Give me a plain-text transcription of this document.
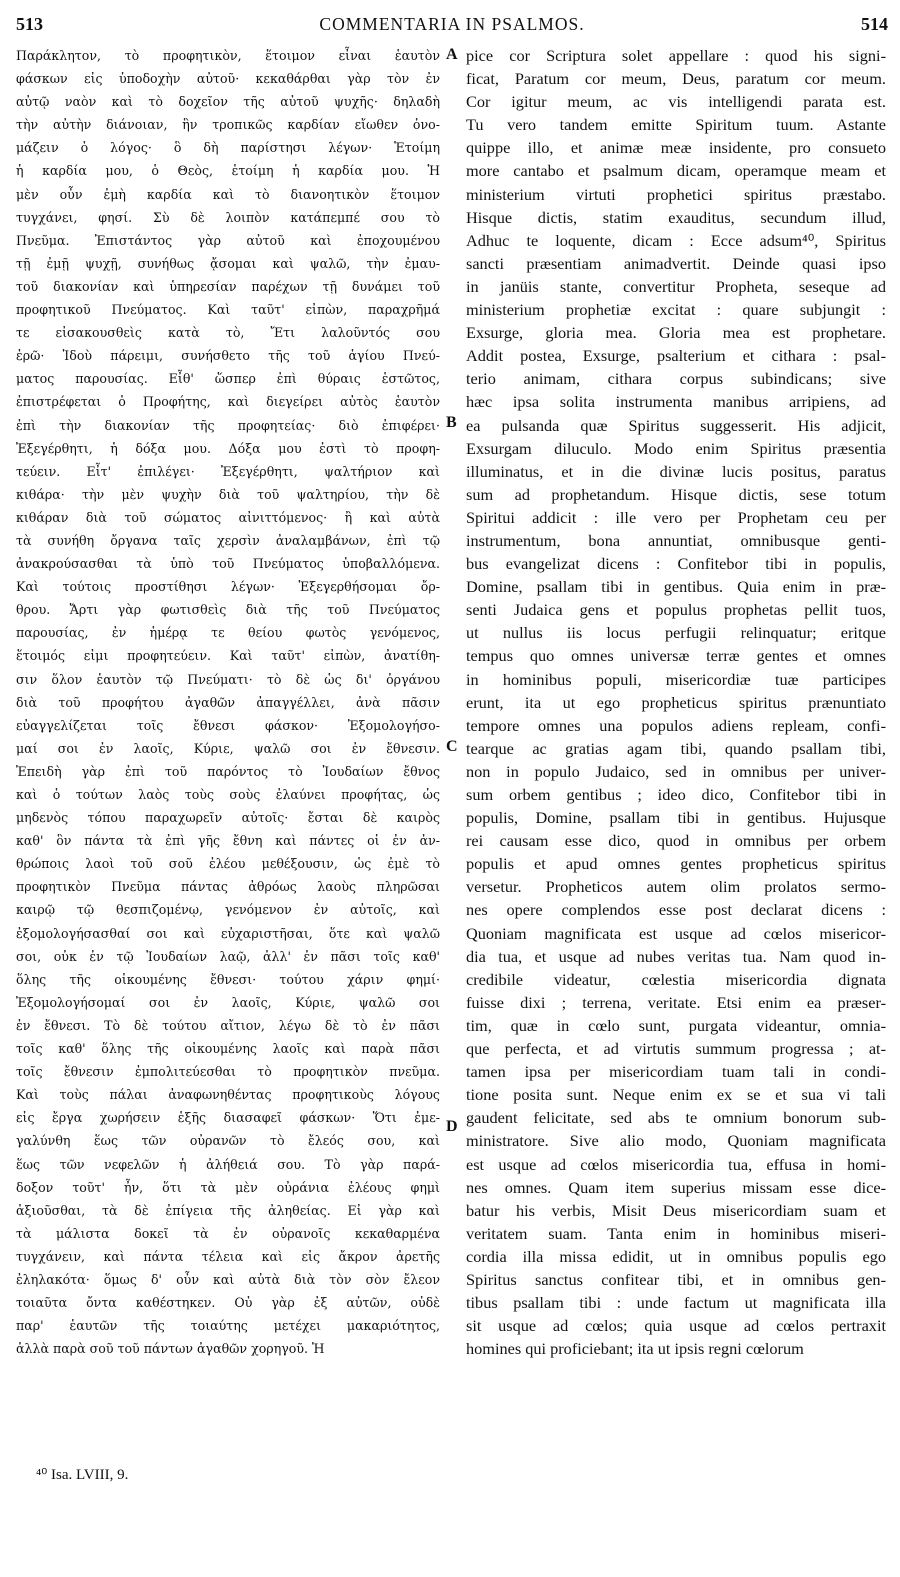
513	COMMENTARIA IN PSALMOS.	514
Παράκλητον, τὸ προφητικὸν, ἕτοιμον εἶναι ἑαυτὸν
φάσκων εἰς ὑποδοχὴν αὐτοῦ· κεκαθάρθαι γὰρ τὸν ἐν
αὐτῷ ναὸν καὶ τὸ δοχεῖον τῆς αὐτοῦ ψυχῆς· δηλαδὴ
τὴν αὐτὴν διάνοιαν, ἣν τροπικῶς καρδίαν εἴωθεν ὀνο-
μάζειν ὁ λόγος· ὃ δὴ παρίστησι λέγων· Ἑτοίμη
ἡ καρδία μου, ὁ Θεὸς, ἑτοίμη ἡ καρδία μου. Ἡ
μὲν οὖν ἐμὴ καρδία καὶ τὸ διανοητικὸν ἕτοιμον
τυγχάνει, φησί. Σὺ δὲ λοιπὸν κατάπεμπέ σου τὸ
Πνεῦμα. Ἐπιστάντος γὰρ αὐτοῦ καὶ ἐποχουμένου
τῇ ἐμῇ ψυχῇ, συνήθως ᾄσομαι καὶ ψαλῶ, τὴν ἐμαυ-
τοῦ διακονίαν καὶ ὑπηρεσίαν παρέχων τῇ δυνάμει τοῦ
προφητικοῦ Πνεύματος. Καὶ ταῦτ' εἰπὼν, παραχρῆμά
τε εἰσακουσθεὶς κατὰ τὸ, Ἔτι λαλοῦντός σου
ἐρῶ· Ἰδοὺ πάρειμι, συνήσθετο τῆς τοῦ ἁγίου Πνεύ-
ματος παρουσίας. Εἶθ' ὥσπερ ἐπὶ θύραις ἑστῶτος,
ἐπιστρέφεται ὁ Προφήτης, καὶ διεγείρει αὐτὸς ἑαυτὸν
ἐπὶ τὴν διακονίαν τῆς προφητείας· διὸ ἐπιφέρει·
Ἐξεγέρθητι, ἡ δόξα μου. Δόξα μου ἐστὶ τὸ προφη-
τεύειν. Εἶτ' ἐπιλέγει· Ἐξεγέρθητι, ψαλτήριον καὶ
κιθάρα· τὴν μὲν ψυχὴν διὰ τοῦ ψαλτηρίου, τὴν δὲ
κιθάραν διὰ τοῦ σώματος αἰνιττόμενος· ἢ καὶ αὐτὰ
τὰ συνήθη ὄργανα ταῖς χερσὶν ἀναλαμβάνων, ἐπὶ τῷ
ἀνακρούσασθαι τὰ ὑπὸ τοῦ Πνεύματος ὑποβαλλόμενα.
Καὶ τούτοις προστίθησι λέγων· Ἐξεγερθήσομαι ὄρ-
θρου. Ἄρτι γὰρ φωτισθεὶς διὰ τῆς τοῦ Πνεύματος
παρουσίας, ἐν ἡμέρᾳ τε θείου φωτὸς γενόμενος,
ἕτοιμός εἰμι προφητεύειν. Καὶ ταῦτ' εἰπὼν, ἀνατίθη-
σιν ὅλον ἑαυτὸν τῷ Πνεύματι· τὸ δὲ ὡς δι' ὀργάνου
διὰ τοῦ προφήτου ἀγαθῶν ἀπαγγέλλει, ἀνὰ πᾶσιν
εὐαγγελίζεται τοῖς ἔθνεσι φάσκον· Ἐξομολογήσο-
μαί σοι ἐν λαοῖς, Κύριε, ψαλῶ σοι ἐν ἔθνεσιν.
Ἐπειδὴ γὰρ ἐπὶ τοῦ παρόντος τὸ Ἰουδαίων ἔθνος
καὶ ὁ τούτων λαὸς τοὺς σοὺς ἐλαύνει προφήτας, ὡς
μηδενὸς τόπου παραχωρεῖν αὐτοῖς· ἔσται δὲ καιρὸς
καθ' ὃν πάντα τὰ ἐπὶ γῆς ἔθνη καὶ πάντες οἱ ἐν ἀν-
θρώποις λαοὶ τοῦ σοῦ ἐλέου μεθέξουσιν, ὡς ἐμὲ τὸ
προφητικὸν Πνεῦμα πάντας ἀθρόως λαοὺς πληρῶσαι
καιρῷ τῷ θεσπιζομένῳ, γενόμενον ἐν αὐτοῖς, καὶ
ἐξομολογήσασθαί σοι καὶ εὐχαριστῆσαι, ὅτε καὶ ψαλῶ
σοι, οὐκ ἐν τῷ Ἰουδαίων λαῷ, ἀλλ' ἐν πᾶσι τοῖς καθ'
ὅλης τῆς οἰκουμένης ἔθνεσι· τούτου χάριν φημί·
Ἐξομολογήσομαί σοι ἐν λαοῖς, Κύριε, ψαλῶ σοι
ἐν ἔθνεσι. Τὸ δὲ τούτου αἴτιον, λέγω δὲ τὸ ἐν πᾶσι
τοῖς καθ' ὅλης τῆς οἰκουμένης λαοῖς καὶ παρὰ πᾶσι
τοῖς ἔθνεσιν ἐμπολιτεύεσθαι τὸ προφητικὸν πνεῦμα.
Καὶ τοὺς πάλαι ἀναφωνηθέντας προφητικοὺς λόγους
εἰς ἔργα χωρήσειν ἑξῆς διασαφεῖ φάσκων· Ὅτι ἐμε-
γαλύνθη ἕως τῶν οὐρανῶν τὸ ἔλεός σου, καὶ
ἕως τῶν νεφελῶν ἡ ἀλήθειά σου. Τὸ γὰρ παρά-
δοξον τοῦτ' ἦν, ὅτι τὰ μὲν οὐράνια ἐλέους φημὶ
ἀξιοῦσθαι, τὰ δὲ ἐπίγεια τῆς ἀληθείας. Εἰ γὰρ καὶ
τὰ μάλιστα δοκεῖ τὰ ἐν οὐρανοῖς κεκαθαρμένα
τυγχάνειν, καὶ πάντα τέλεια καὶ εἰς ἄκρον ἀρετῆς
ἐληλακότα· ὅμως δ' οὖν καὶ αὐτὰ διὰ τὸν σὸν ἔλεον
τοιαῦτα ὄντα καθέστηκεν. Οὐ γὰρ ἐξ αὐτῶν, οὐδὲ
παρ' ἑαυτῶν τῆς τοιαύτης μετέχει μακαριότητος,
ἀλλὰ παρὰ σοῦ τοῦ πάντων ἀγαθῶν χορηγοῦ. Ἡ
pice cor Scriptura solet appellare : quod his signi-
ficat, Paratum cor meum, Deus, paratum cor meum.
Cor igitur meum, ac vis intelligendi parata est.
Tu vero tandem emitte Spiritum tuum. Astante
quippe illo, et animæ meæ insidente, pro consueto
more cantabo et psalmum dicam, operamque meam et
ministerium virtuti prophetici spiritus præstabo.
Hisque dictis, statim exauditus, secundum illud,
Adhuc te loquente, dicam : Ecce adsum⁴⁰, Spiritus
sancti præsentiam animadvertit. Deinde quasi ipso
in janüis stante, convertitur Propheta, seseque ad
ministerium prophetiæ excitat : quare subjungit :
Exsurge, gloria mea. Gloria mea est prophetare.
Addit postea, Exsurge, psalterium et cithara : psal-
terio animam, cithara corpus subindicans; sive
hæc ipsa solita instrumenta manibus arripiens, ad
ea pulsanda quæ Spiritus suggesserit. His adjicit,
Exsurgam diluculo. Modo enim Spiritus præsentia
illuminatus, et in die divinæ lucis positus, paratus
sum ad prophetandum. Hisque dictis, sese totum
Spiritui addicit : ille vero per Prophetam ceu per
instrumentum, bona annuntiat, omnibusque genti-
bus evangelizat dicens : Confitebor tibi in populis,
Domine, psallam tibi in gentibus. Quia enim in præ-
senti Judaica gens et populus prophetas pellit tuos,
ut nullus iis locus perfugii relinquatur; eritque
tempus quo omnes universæ terræ gentes et omnes
in hominibus populi, misericordiæ tuæ participes
erunt, ita ut ego propheticus spiritus prænuntiato
tempore omnes una populos adiens repleam, confi-
tearque ac gratias agam tibi, quando psallam tibi,
non in populo Judaico, sed in omnibus per univer-
sum orbem gentibus ; ideo dico, Confitebor tibi in
populis, Domine, psallam tibi in gentibus. Hujusque
rei causam esse dico, quod in omnibus per orbem
populis et apud omnes gentes propheticus spiritus
versetur. Propheticos autem olim prolatos sermo-
nes opere complendos esse post declarat dicens :
Quoniam magnificata est usque ad cœlos misericor-
dia tua, et usque ad nubes veritas tua. Nam quod in-
credibile videatur, cœlestia misericordia dignata
fuisse dixi ; terrena, veritate. Etsi enim ea præser-
tim, quæ in cœlo sunt, purgata videantur, omnia-
que perfecta, et ad virtutis summum progressa ; at-
tamen ipsa per misericordiam tuam tali in condi-
tione posita sunt. Neque enim ex se et sua vi tali
gaudent felicitate, sed abs te omnium bonorum sub-
ministratore. Sive alio modo, Quoniam magnificata
est usque ad cœlos misericordia tua, effusa in homi-
nes omnes. Quam item superius missam esse dice-
batur his verbis, Misit Deus misericordiam suam et
veritatem suam. Tanta enim in hominibus miseri-
cordia illa missa edidit, ut in omnibus populis ego
Spiritus sanctus confitear tibi, et in omnibus gen-
tibus psallam tibi : unde factum ut magnificata illa
sit usque ad cœlos; quia usque ad cœlos pertraxit
homines qui proficiebant; ita ut ipsis regni cœlorum
A
B
C
D
⁴⁰ Isa. LVIII, 9.
